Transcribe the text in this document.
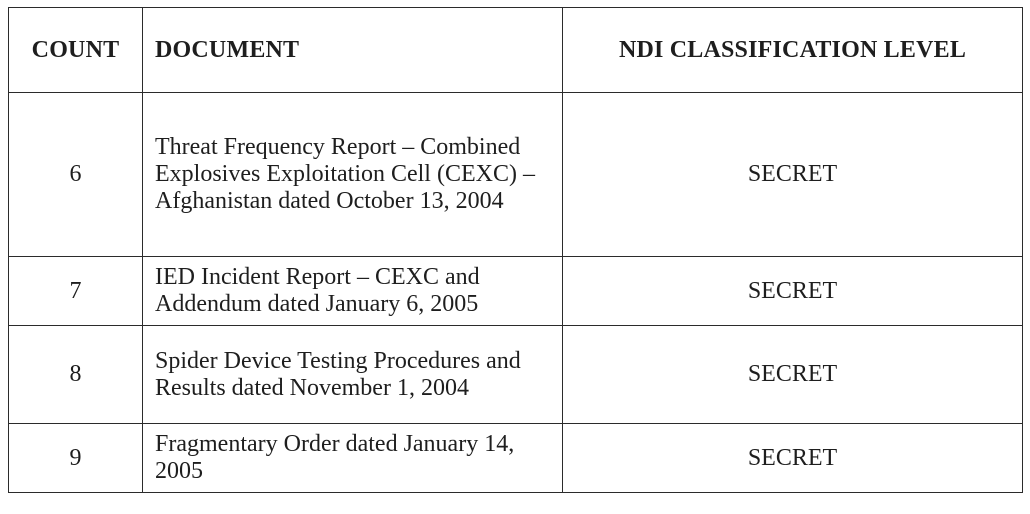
COUNT	DOCUMENT	NDI CLASSIFICATION LEVEL
6	Threat Frequency Report – Combined Explosives Exploitation Cell (CEXC) – Afghanistan dated October 13, 2004	SECRET
7	IED Incident Report – CEXC and Addendum dated January 6, 2005	SECRET
8	Spider Device Testing Procedures and Results dated November 1, 2004	SECRET
9	Fragmentary Order dated January 14, 2005	SECRET
